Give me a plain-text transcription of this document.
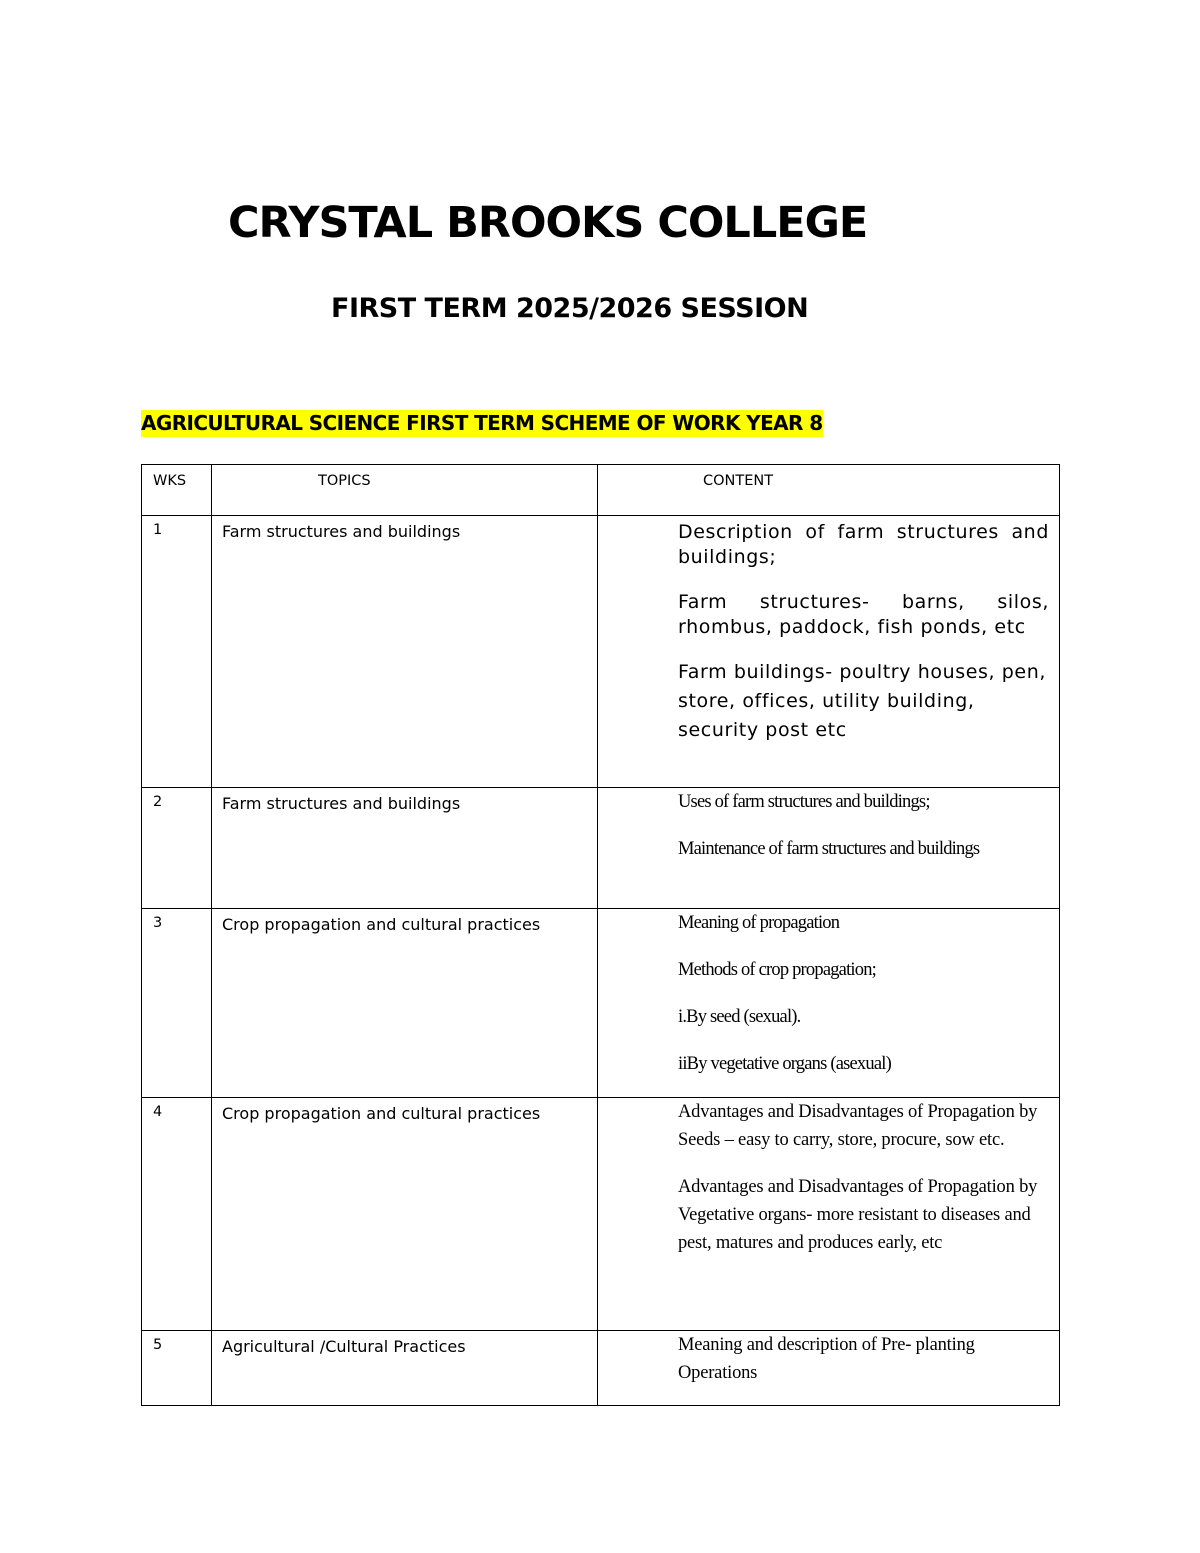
CRYSTAL BROOKS COLLEGE
FIRST TERM 2025/2026 SESSION
AGRICULTURAL SCIENCE FIRST TERM SCHEME OF WORK YEAR 8
WKS	TOPICS	CONTENT

1	Farm structures and buildings	Description of farm structures and buildings;

Farm structures- barns, silos, rhombus, paddock, fish ponds, etc

Farm buildings- poultry houses, pen, store, offices, utility building, security post etc

2	Farm structures and buildings	Uses of farm structures and buildings;

Maintenance of farm structures and buildings

3	Crop propagation and cultural practices	Meaning of propagation

Methods of crop propagation;

i.By seed (sexual).

iiBy vegetative organs (asexual)

4	Crop propagation and cultural practices	Advantages and Disadvantages of Propagation by Seeds – easy to carry, store, procure, sow etc.

Advantages and Disadvantages of Propagation by Vegetative organs- more resistant to diseases and pest, matures and produces early, etc

5	Agricultural /Cultural Practices	Meaning and description of Pre- planting Operations
